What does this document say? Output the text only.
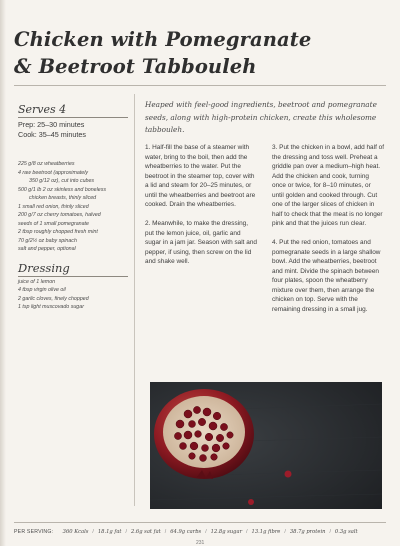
Chicken with Pomegranate
& Beetroot Tabbouleh
Serves 4
Prep: 25–30 minutes
Cook: 35–45 minutes
225 g/8 oz wheatberries
4 raw beetroot (approximately
350 g/12 oz), cut into cubes
500 g/1 lb 2 oz skinless and boneless
chicken breasts, thinly sliced
1 small red onion, thinly sliced
200 g/7 oz cherry tomatoes, halved
seeds of 1 small pomegranate
2 tbsp roughly chopped fresh mint
70 g/2½ oz baby spinach
salt and pepper, optional
Dressing
juice of 1 lemon
4 tbsp virgin olive oil
2 garlic cloves, finely chopped
1 tsp light muscovado sugar

Heaped with feel-good ingredients, beetroot and pomegranate seeds, along with high-protein chicken, create this wholesome tabbouleh.

1. Half-fill the base of a steamer with water, bring to the boil, then add the wheatberries to the water. Put the beetroot in the steamer top, cover with a lid and steam for 20–25 minutes, or until the wheatberries and beetroot are cooked. Drain the wheatberries.

2. Meanwhile, to make the dressing, put the lemon juice, oil, garlic and sugar in a jam jar. Season with salt and pepper, if using, then screw on the lid and shake well.

3. Put the chicken in a bowl, add half of the dressing and toss well. Preheat a griddle pan over a medium–high heat. Add the chicken and cook, turning once or twice, for 8–10 minutes, or until golden and cooked through. Cut one of the larger slices of chicken in half to check that the meat is no longer pink and that the juices run clear.

4. Put the red onion, tomatoes and pomegranate seeds in a large shallow bowl. Add the wheatberries, beetroot and mint. Divide the spinach between four plates, spoon the wheatberry mixture over them, then arrange the chicken on top. Serve with the remaining dressing in a small jug.

PER SERVING: 360 Kcals / 18.1g fat / 2.6g sat fat / 64.9g carbs / 12.8g sugar / 13.1g fibre / 38.7g protein / 0.3g salt
231
